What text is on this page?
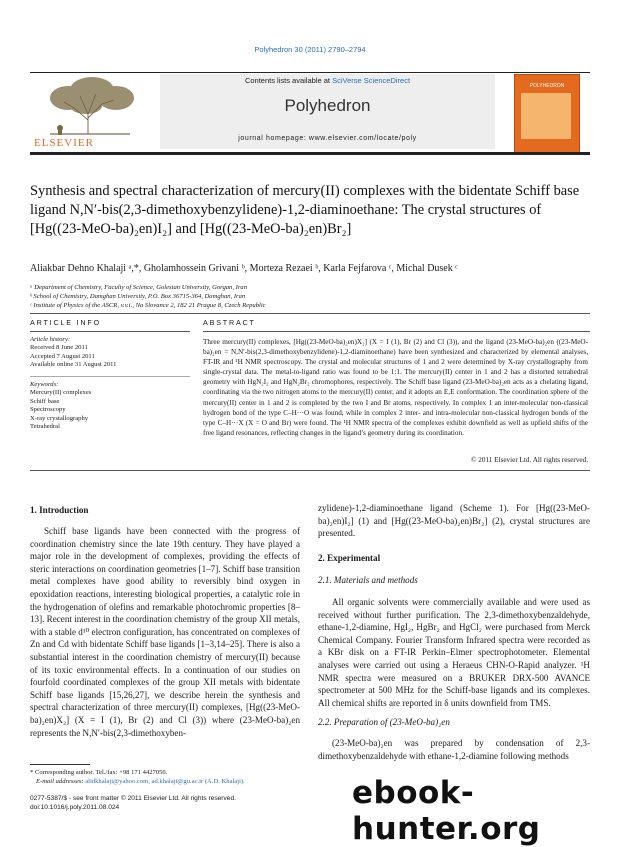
Polyhedron 30 (2011) 2790–2794
ELSEVIER
Contents lists available at SciVerse ScienceDirect
Polyhedron
journal homepage: www.elsevier.com/locate/poly
POLYHEDRON
Synthesis and spectral characterization of mercury(II) complexes with the bidentate Schiff base ligand N,N′-bis(2,3-dimethoxybenzylidene)-1,2-diaminoethane: The crystal structures of [Hg((23-MeO-ba)₂en)I₂] and [Hg((23-MeO-ba)₂en)Br₂]
Aliakbar Dehno Khalaji ᵃ,*, Gholamhossein Grivani ᵇ, Morteza Rezaei ᵇ, Karla Fejfarova ᶜ, Michal Dusek ᶜ
ᵃ Department of Chemistry, Faculty of Science, Golestan University, Gorgan, Iran
ᵇ School of Chemistry, Damghan University, P.O. Box 36715-364, Damghan, Iran
ᶜ Institute of Physics of the ASCR, v.v.i., Na Slovance 2, 182 21 Prague 8, Czech Republic
ARTICLE INFO
Article history:
Received 8 June 2011
Accepted 7 August 2011
Available online 31 August 2011
Keywords:
Mercury(II) complexes
Schiff base
Spectroscopy
X-ray crystallography
Tetrahedral
ABSTRACT
Three mercury(II) complexes, [Hg((23-MeO-ba)₂en)X₂] (X = I (1), Br (2) and Cl (3)), and the ligand (23-MeO-ba)₂en ((23-MeO-ba)₂en = N,N′-bis(2,3-dimethoxybenzylidene)-1,2-diaminoethane) have been synthesized and characterized by elemental analyses, FT-IR and ¹H NMR spectroscopy. The crystal and molecular structures of 1 and 2 were determined by X-ray crystallography from single-crystal data. The metal-to-ligand ratio was found to be 1:1. The mercury(II) center in 1 and 2 has a distorted tetrahedral geometry with HgN₂I₂ and HgN₂Br₂ chromophores, respectively. The Schiff base ligand (23-MeO-ba)₂en acts as a chelating ligand, coordinating via the two nitrogen atoms to the mercury(II) center, and it adopts an E,E conformation. The coordination sphere of the mercury(II) center in 1 and 2 is completed by the two I and Br atoms, respectively. In complex 1 an inter-molecular non-classical hydrogen bond of the type C–H···O was found, while in complex 2 inter- and intra-molecular non-classical hydrogen bonds of the type C–H···X (X = O and Br) were found. The ¹H NMR spectra of the complexes exhibit downfield as well as upfield shifts of the free ligand resonances, reflecting changes in the ligand’s geometry during its coordination.
© 2011 Elsevier Ltd. All rights reserved.
1. Introduction
Schiff base ligands have been connected with the progress of coordination chemistry since the late 19th century. They have played a major role in the development of complexes, providing the effects of steric interactions on coordination geometries [1–7]. Schiff base transition metal complexes have good ability to reversibly bind oxygen in epoxidation reactions, interesting biological properties, a catalytic role in the hydrogenation of olefins and remarkable photochromic properties [8–13]. Recent interest in the coordination chemistry of the group XII metals, with a stable d¹⁰ electron configuration, has concentrated on complexes of Zn and Cd with bidentate Schiff base ligands [1–3,14–25]. There is also a substantial interest in the coordination chemistry of mercury(II) because of its toxic environmental effects. In a continuation of our studies on fourfold coordinated complexes of the group XII metals with bidentate Schiff base ligands [15,26,27], we describe herein the synthesis and spectral characterization of three mercury(II) complexes, [Hg((23-MeO-ba)₂en)X₂] (X = I (1), Br (2) and Cl (3)) where (23-MeO-ba)₂en represents the N,N′-bis(2,3-dimethoxyben-
zylidene)-1,2-diaminoethane ligand (Scheme 1). For [Hg((23-MeO-ba)₂en)I₂] (1) and [Hg((23-MeO-ba)₂en)Br₂] (2), crystal structures are presented.
2. Experimental
2.1. Materials and methods
All organic solvents were commercially available and were used as received without further purification. The 2,3-dimethoxybenzaldehyde, ethane-1,2-diamine, HgI₂, HgBr₂ and HgCl₂ were purchased from Merck Chemical Company. Fourier Transform Infrared spectra were recorded as a KBr disk on a FT-IR Perkin–Elmer spectrophotometer. Elemental analyses were carried out using a Heraeus CHN-O-Rapid analyzer. ¹H NMR spectra were measured on a BRUKER DRX-500 AVANCE spectrometer at 500 MHz for the Schiff-base ligands and its complexes. All chemical shifts are reported in δ units downfield from TMS.
2.2. Preparation of (23-MeO-ba)₂en
(23-MeO-ba)₂en was prepared by condensation of 2,3-dimethoxybenzaldehyde with ethane-1,2-diamine following methods
* Corresponding author. Tel./fax: +98 171 4427050.
E-mail addresses: alidkhalaji@yahoo.com, ad.khalaji@gu.ac.ir (A.D. Khalaji).
0277-5387/$ - see front matter © 2011 Elsevier Ltd. All rights reserved.
doi:10.1016/j.poly.2011.08.024	ebook-hunter.org
